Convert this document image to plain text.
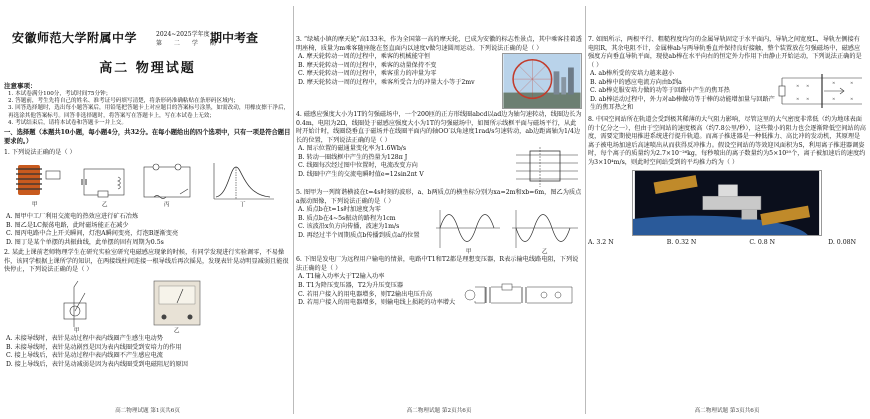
安徽师范大学附属中学	2024~2025学年度
第 二 学 期
期中考查
高二 物理试题
注意事项：

1. 本试卷满分100分，考试时间75分钟；

2. 答题前，考生先将自己的姓名、准考证号码填写清楚，将条形码准确粘贴在条形码区域内；

3. 回答选择题时，选出每小题答案后，用铅笔把答题卡上对应题目的答案标号涂黑，如需改动，用橡皮擦干净后，再选涂其他答案标号。回答非选择题时，将答案写在答题卡上，写在本试卷上无效；

4. 考试结束后，请将本试卷和答题卡一并上交。

一、选择题（本题共10小题，每小题4分，共32分。在每小题给出的四个选项中，只有一项是符合题目要求的。）
1. 下列说法正确的是（ ）
甲	乙	丙	丁
A. 图甲中工厂利用交流电的热效应进行矿石冶炼
B. 图乙是LC振荡电路，此时磁场能正在减少
C. 图丙电路中合上开关瞬间，灯泡A瞬间变亮，灯泡B逐渐变亮
D. 图丁是某个单摆的共振曲线，此单摆的固有周期为0.5s
2. 某此上课前老师物理学生在研究实验室研究电磁感应现象的时候，有同学发现进行实验调零，不易操作，该同学根据上课所学的知识，在两接线柱间连接一根导线后再次摇晃，发现表针晃动明显减弱且能很快停止，下列说法正确的是（ ）
甲	乙
A. 未接导线时，表针晃动过程中表内线圈产生感生电动势
B. 未接导线时，表针晃动剧烈是因为表内线圈受到安培力的作用
C. 接上导线后，表针晃动过程中表内线圈不产生感应电流
D. 接上导线后，表针晃动减弱是因为表内线圈受到电磁阻尼的原因
高二物理试题 第1页共6页
3. “绿城小镇的摩天轮”高133米，作为全国第一高的摩天轮，已成为安徽的标志性景点，其中乘客挂着透明座椅，质量为m乘客随座舱在竖直面内以速度v做匀速圆周运动。下列说法正确的是（ ）
A. 摩天轮转动一周的过程中，乘客的机械能守恒
B. 摩天轮转动一周的过程中，乘客的动量保持不变
C. 摩天轮转动一周的过程中，乘客重力的冲量为零
D. 摩天轮转动一周的过程中，乘客所受合力的冲量大小等于2mv
4. 磁感应强度大小为1T的匀强磁场中，一个200匝的正方形线圈abcd以ad边为轴匀速转动，线圈边长为0.4m，电阻为2Ω，线圈处于磁感应强度大小为1T的匀强磁场中，如图所示线框平面与磁场平行，从此时开始计时，线圈绕垂直于磁场并在线圈平面内的轴OO′以角速度1rad/s匀速转动，ab边距离轴为1/4边长的位置，下列说法正确的是（ ）
A. 图示位置的磁通量变化率为1.6Wb/s
B. 转动一圈线框中产生的热量为128π J
C. 线圈每次经过图中位置时，电流改变方向
D. 线圈中产生的交流电瞬时值e=12sin2πt V
5. 图甲为一列简谐横波在t=4s时刻的波形，a、b两质点的横坐标分别为xa=2m和xb=6m，图乙为质点a振动图像，下列说法正确的是（ ）
A. 质点b在t=1s时加速度为零
B. 质点b在4~5s振动的路程为1cm
C. 该波沿x负方向传播，波速为1m/s
D. 再经过半个周期质点b传播到质点a的位置
甲	乙
6. 下图是发电厂为远程用户输电的情景，电路中T1和T2都是理想变压器，R表示输电线路电阻，下列说法正确的是（ ）
A. T1输入功率大于T2输入功率
B. T1为降压变压器，T2为升压变压器
C. 若用户接入的用电器增多，则T2输出电压升高
D. 若用户接入的用电器增多，则输电线上损耗的功率增大
高二物理试题 第2页共6页
7. 如图所示，两根平行、粗糙程度均匀的金属导轨固定于水平面内，导轨之间宽度L，导轨左侧接有电阻R，其余电阻不计，金属棒ab与两导轨垂直并保持良好接触，整个装置放在匀强磁场中，磁感应强度方向垂直导轨平面，现使ab棒在水平向右的恒定外力作用下由静止开始运动，下列说法正确的是（ ）
A. ab棒所受的安培力越来越小
B. ab棒中的感应电流方向由b到a
C. ab棒克服安培力做的功等于回路中产生的焦耳热
D. ab棒运动过程中，外力对ab棒做功等于棒的动能增加量与回路产生的焦耳热之和
× ×
×	×
× ×	×	×
8. 中国空间站所在轨道会受到极其稀薄的大气阻力影响，尽管这里的大气密度非常低（约为地球表面的十亿分之一），但由于空间站的速度极高（约7.8公里/秒），这些微小的阻力也会逐渐降低空间站的高度，需要定期使用推进系统进行提升轨道。而离子推进器是一种低推力、高比冲的发动机，其原理是离子被电场加速后高速喷出从而获得反冲推力。假设空间站的等效迎风面积为S，利用离子推进器调姿时，每个离子的质量约为2.7×10⁻²⁶kg，每秒喷出的离子数量约为5×10²⁰个，离子被加速后的速度约为3×10⁴m/s，则此时空间站受到的平均推力约为（ ）
A. 3.2 N	B. 0.32 N	C. 0.8 N	D. 0.08N
高二物理试题 第3页共6页
